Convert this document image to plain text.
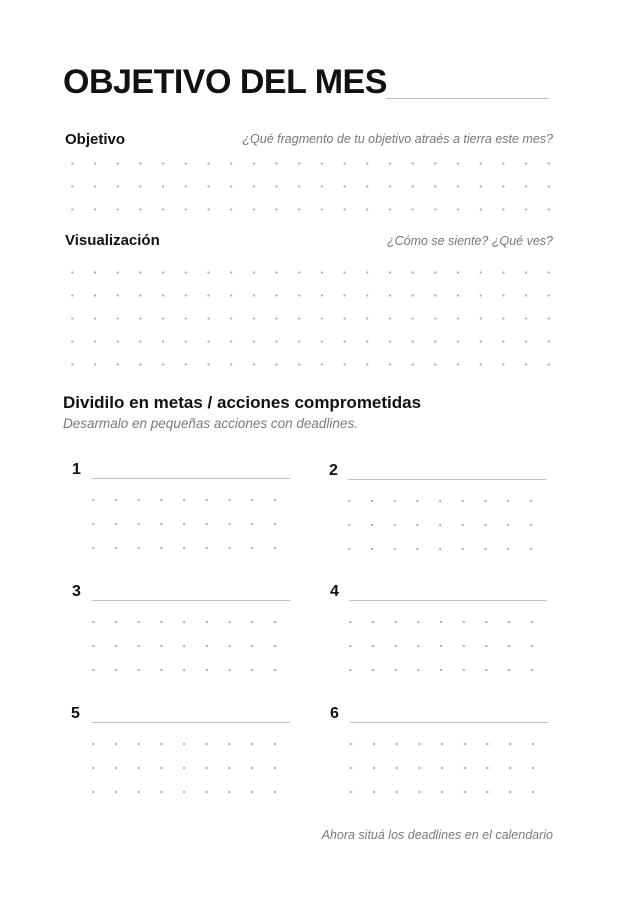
OBJETIVO DEL MES
Objetivo	¿Qué fragmento de tu objetivo atraés a tierra este mes?
Visualización	¿Cómo se siente? ¿Qué ves?
Dividilo en metas / acciones comprometidas
Desarmalo en pequeñas acciones con deadlines.
1	2
3	4
5	6
Ahora situá los deadlines en el calendario
